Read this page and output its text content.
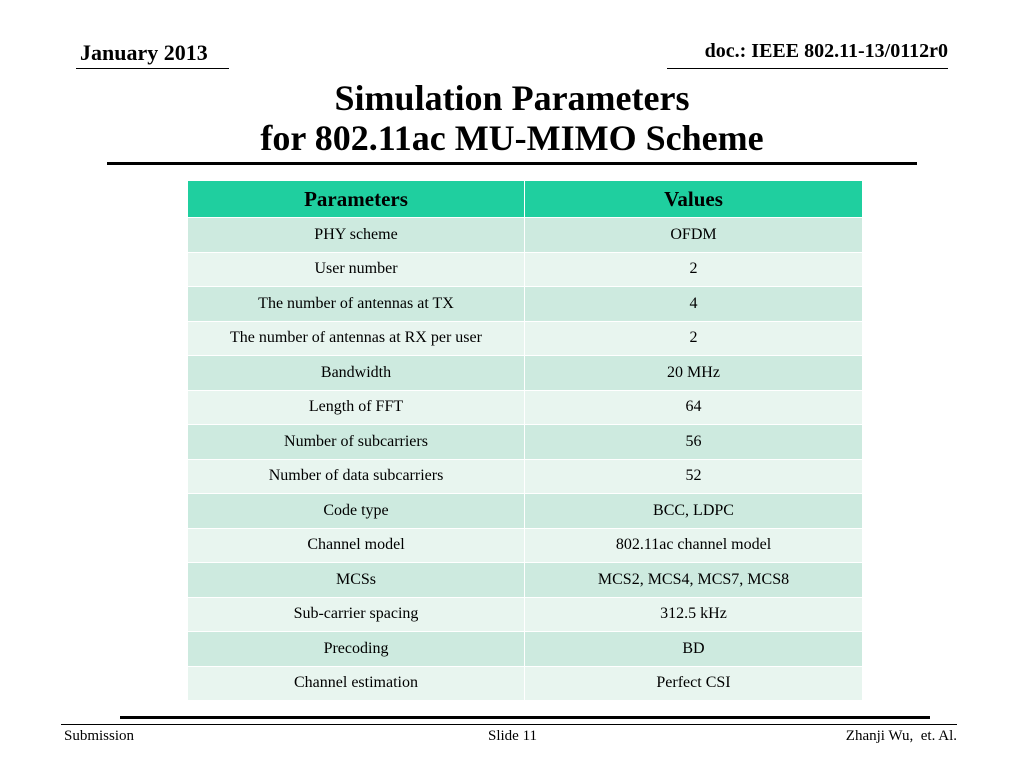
January 2013	doc.: IEEE 802.11-13/0112r0
Simulation Parameters
for 802.11ac MU-MIMO Scheme
Parameters	Values
PHY scheme	OFDM
User number	2
The number of antennas at TX	4
The number of antennas at RX per user	2
Bandwidth	20 MHz
Length of FFT	64
Number of subcarriers	56
Number of data subcarriers	52
Code type	BCC, LDPC
Channel model	802.11ac channel model
MCSs	MCS2, MCS4, MCS7, MCS8
Sub-carrier spacing	312.5 kHz
Precoding	BD
Channel estimation	Perfect CSI
Submission	Slide 11	Zhanji Wu,  et. Al.
